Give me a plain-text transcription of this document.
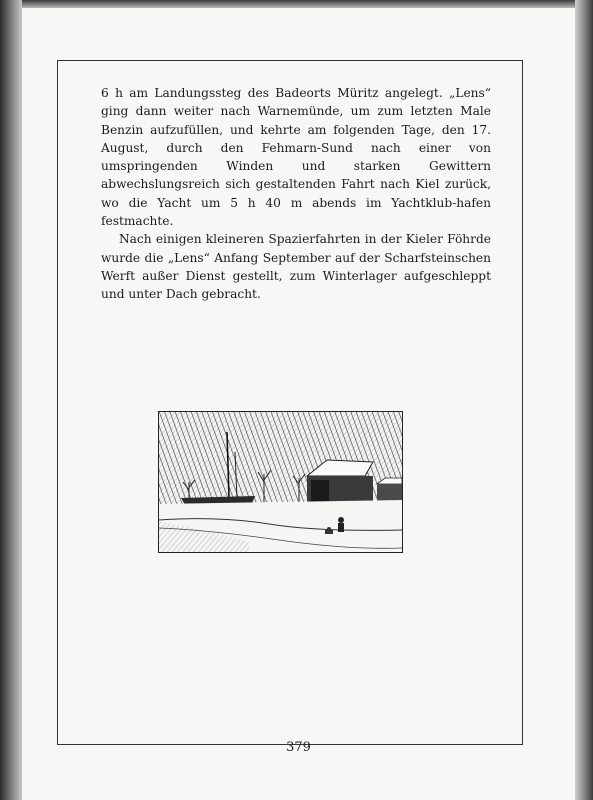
6 h am Landungssteg des Badeorts Müritz angelegt. „Lens“ ging dann weiter nach Warnemünde, um zum letzten Male Benzin aufzufüllen, und kehrte am folgenden Tage, den 17. August, durch den Fehmarn-Sund nach einer von umspringenden Winden und starken Gewittern abwechslungsreich sich gestaltenden Fahrt nach Kiel zurück, wo die Yacht um 5 h 40 m abends im Yachtklub-hafen festmachte.

Nach einigen kleineren Spazierfahrten in der Kieler Föhrde wurde die „Lens“ Anfang September auf der Scharfsteinschen Werft außer Dienst gestellt, zum Winterlager aufgeschleppt und unter Dach gebracht.

379
